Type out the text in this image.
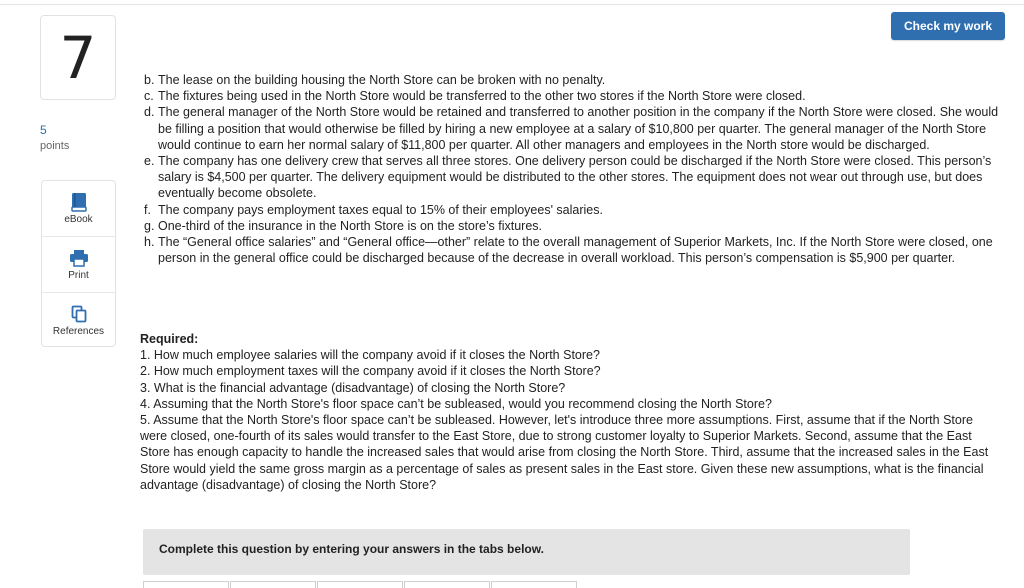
7
5
points
eBook
Print
References
Check my work
b. The lease on the building housing the North Store can be broken with no penalty.
c. The fixtures being used in the North Store would be transferred to the other two stores if the North Store were closed.
d. The general manager of the North Store would be retained and transferred to another position in the company if the North Store were closed. She would be filling a position that would otherwise be filled by hiring a new employee at a salary of $10,800 per quarter. The general manager of the North Store would continue to earn her normal salary of $11,800 per quarter. All other managers and employees in the North store would be discharged.
e. The company has one delivery crew that serves all three stores. One delivery person could be discharged if the North Store were closed. This person’s salary is $4,500 per quarter. The delivery equipment would be distributed to the other stores. The equipment does not wear out through use, but does eventually become obsolete.
f. The company pays employment taxes equal to 15% of their employees' salaries.
g. One-third of the insurance in the North Store is on the store’s fixtures.
h. The “General office salaries” and “General office—other” relate to the overall management of Superior Markets, Inc. If the North Store were closed, one person in the general office could be discharged because of the decrease in overall workload. This person’s compensation is $5,900 per quarter.
Required:
1. How much employee salaries will the company avoid if it closes the North Store?
2. How much employment taxes will the company avoid if it closes the North Store?
3. What is the financial advantage (disadvantage) of closing the North Store?
4. Assuming that the North Store's floor space can’t be subleased, would you recommend closing the North Store?
5. Assume that the North Store's floor space can’t be subleased. However, let's introduce three more assumptions. First, assume that if the North Store were closed, one-fourth of its sales would transfer to the East Store, due to strong customer loyalty to Superior Markets. Second, assume that the East Store has enough capacity to handle the increased sales that would arise from closing the North Store. Third, assume that the increased sales in the East Store would yield the same gross margin as a percentage of sales as present sales in the East store. Given these new assumptions, what is the financial advantage (disadvantage) of closing the North Store?
Complete this question by entering your answers in the tabs below.
